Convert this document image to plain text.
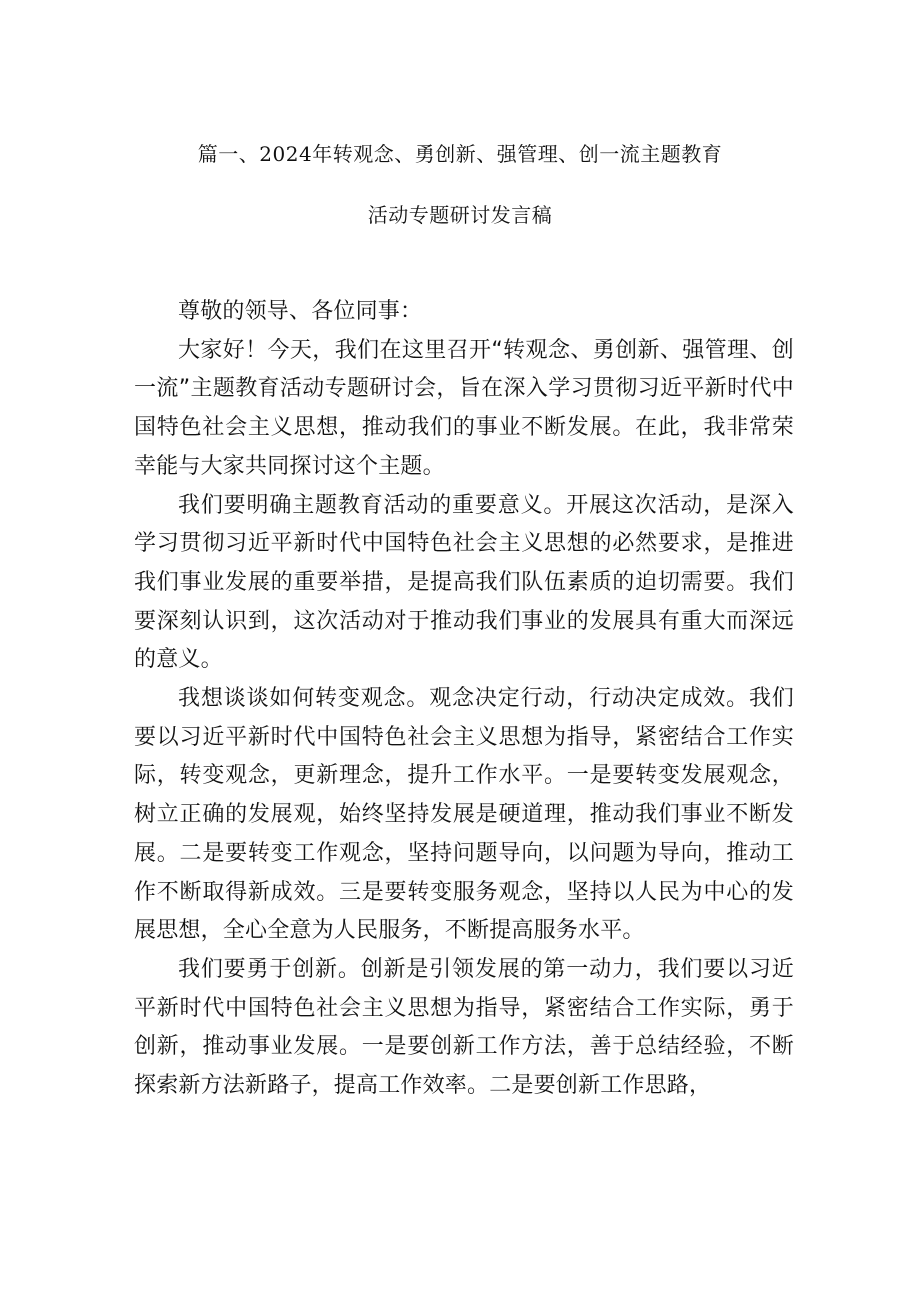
篇一、2024年转观念、勇创新、强管理、创一流主题教育
活动专题研讨发言稿

尊敬的领导、各位同事：

大家好！今天，我们在这里召开“转观念、勇创新、强管理、创一流”主题教育活动专题研讨会，旨在深入学习贯彻习近平新时代中国特色社会主义思想，推动我们的事业不断发展。在此，我非常荣幸能与大家共同探讨这个主题。

我们要明确主题教育活动的重要意义。开展这次活动，是深入学习贯彻习近平新时代中国特色社会主义思想的必然要求，是推进我们事业发展的重要举措，是提高我们队伍素质的迫切需要。我们要深刻认识到，这次活动对于推动我们事业的发展具有重大而深远的意义。

我想谈谈如何转变观念。观念决定行动，行动决定成效。我们要以习近平新时代中国特色社会主义思想为指导，紧密结合工作实际，转变观念，更新理念，提升工作水平。一是要转变发展观念，树立正确的发展观，始终坚持发展是硬道理，推动我们事业不断发展。二是要转变工作观念，坚持问题导向，以问题为导向，推动工作不断取得新成效。三是要转变服务观念，坚持以人民为中心的发展思想，全心全意为人民服务，不断提高服务水平。

我们要勇于创新。创新是引领发展的第一动力，我们要以习近平新时代中国特色社会主义思想为指导，紧密结合工作实际，勇于创新，推动事业发展。一是要创新工作方法，善于总结经验，不断探索新方法新路子，提高工作效率。二是要创新工作思路，
